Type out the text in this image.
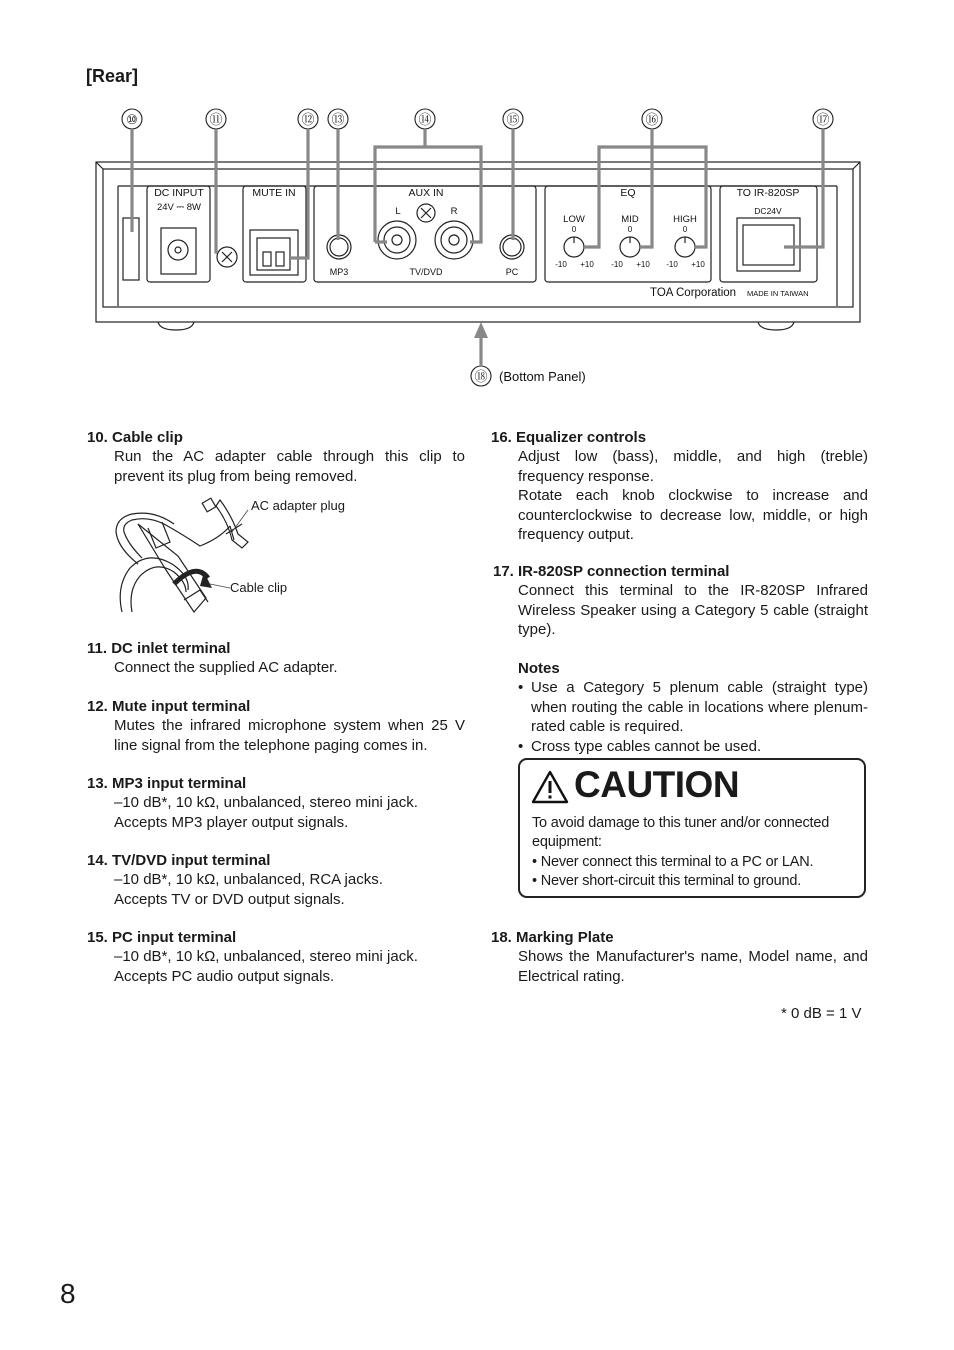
[Rear]
⑩	⑪	⑫ ⑬	⑭	⑮	⑯	⑰
⑱
DC INPUT
24V ⎓ 8W
MUTE IN	AUX IN
L	R
MP3	TV/DVD	PC
EQ
LOW	MID	HIGH
0	0	0
-10 +10 -10 +10 -10 +10
TO IR-820SP
DC24V
TOA Corporation MADE IN TAIWAN
(Bottom Panel)
10. Cable clip

Run the AC adapter cable through this clip to prevent its plug from being removed.

AC adapter plug
Cable clip
11. DC inlet terminal

Connect the supplied AC adapter.

12. Mute input terminal

Mutes the infrared microphone system when 25 V line signal from the telephone paging comes in.

13. MP3 input terminal

–10 dB*, 10 kΩ, unbalanced, stereo mini jack.

Accepts MP3 player output signals.

14. TV/DVD input terminal

–10 dB*, 10 kΩ, unbalanced, RCA jacks.

Accepts TV or DVD output signals.

15. PC input terminal

–10 dB*, 10 kΩ, unbalanced, stereo mini jack.

Accepts PC audio output signals.

16. Equalizer controls

Adjust low (bass), middle, and high (treble) frequency response.

Rotate each knob clockwise to increase and counterclockwise to decrease low, middle, or high frequency output.

17. IR-820SP connection terminal

Connect this terminal to the IR-820SP Infrared Wireless Speaker using a Category 5 cable (straight type).

Notes
• Use a Category 5 plenum cable (straight type) when routing the cable in locations where plenum-rated cable is required.
• Cross type cables cannot be used.
CAUTION

To avoid damage to this tuner and/or connected equipment:

• Never connect this terminal to a PC or LAN.

• Never short-circuit this terminal to ground.

18. Marking Plate

Shows the Manufacturer's name, Model name, and Electrical rating.

* 0 dB = 1 V
8
